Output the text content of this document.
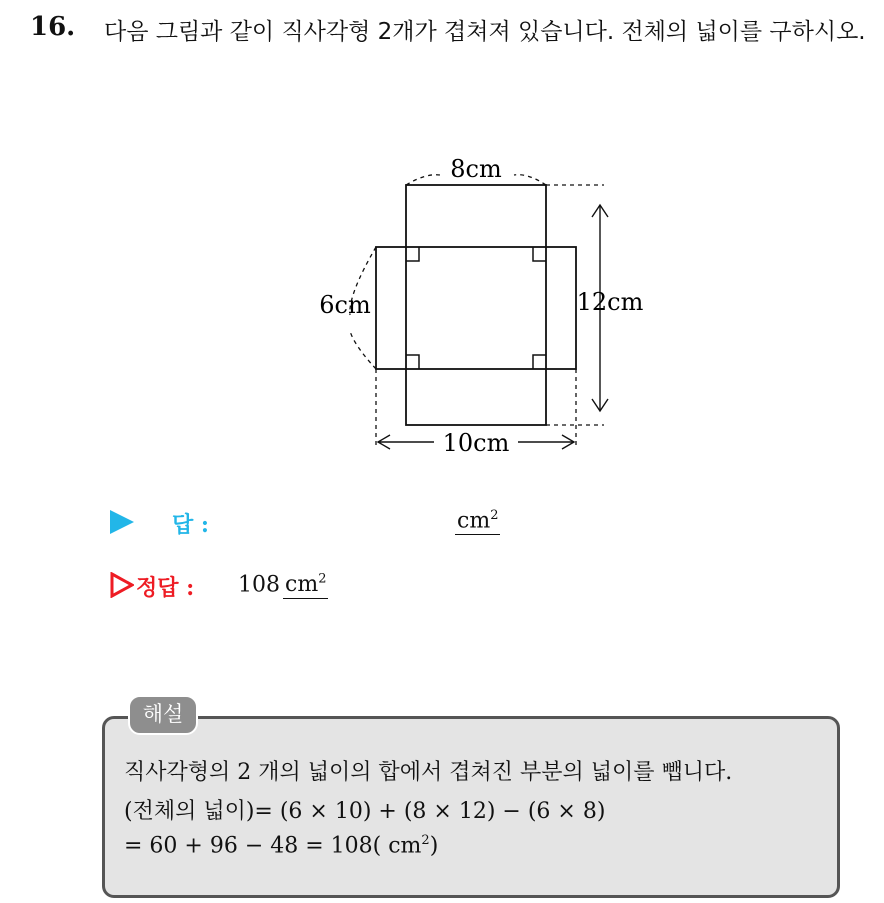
16. 다음 그림과 같이 직사각형 2개가 겹쳐져 있습니다. 전체의 넓이를 구하시오.
8cm
6cm	12cm
10cm
답 :	$cm^2$
정답 : 108 $cm^2$
해설
직사각형의 2 개의 넓이의 합에서 겹쳐진 부분의 넓이를 뺍니다.
(전체의 넓이)= (6 × 10) + (8 × 12) − (6 × 8)
= 60 + 96 − 48 = 108( $cm^2$)
